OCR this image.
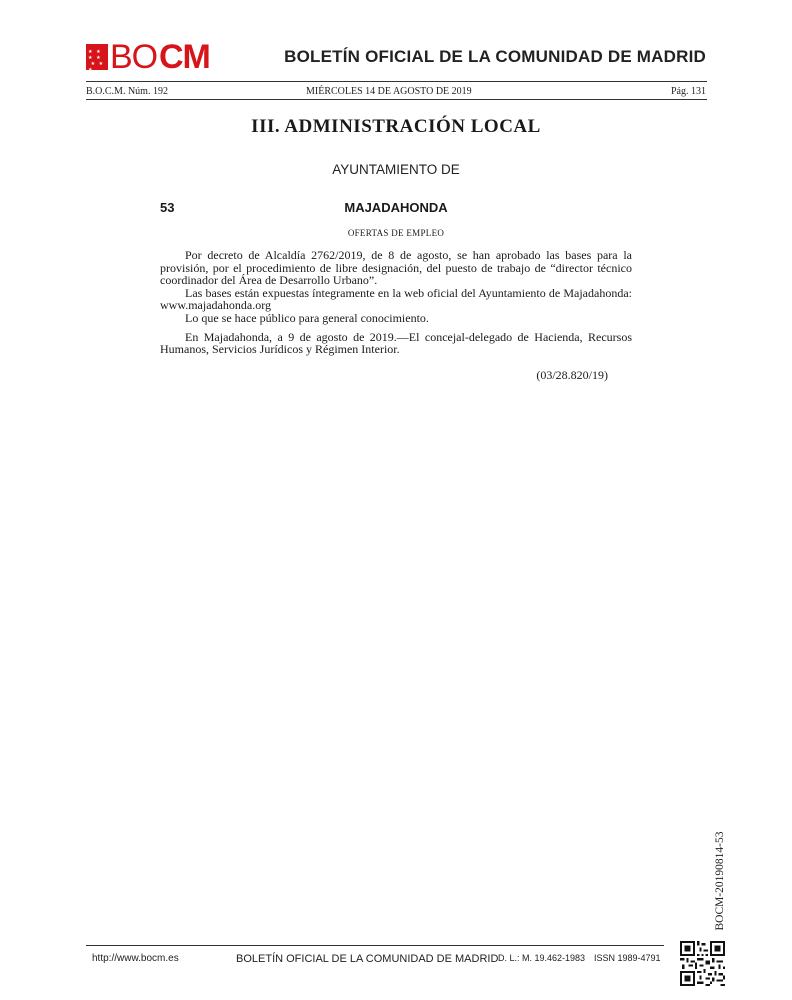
★ ★ ★ ★
★ ★ ★ BO CM	BOLETÍN OFICIAL DE LA COMUNIDAD DE MADRID
B.O.C.M. Núm. 192	MIÉRCOLES 14 DE AGOSTO DE 2019	Pág. 131
III. ADMINISTRACIÓN LOCAL
AYUNTAMIENTO DE
53	MAJADAHONDA
OFERTAS DE EMPLEO

Por decreto de Alcaldía 2762/2019, de 8 de agosto, se han aprobado las bases para la provisión, por el procedimiento de libre designación, del puesto de trabajo de “director técnico coordinador del Área de Desarrollo Urbano”.

Las bases están expuestas íntegramente en la web oficial del Ayuntamiento de Majadahonda: www.majadahonda.org

Lo que se hace público para general conocimiento.

En Majadahonda, a 9 de agosto de 2019.—El concejal-delegado de Hacienda, Recursos Humanos, Servicios Jurídicos y Régimen Interior.

(03/28.820/19)
BOCM-20190814-53
http://www.bocm.es	BOLETÍN OFICIAL DE LA COMUNIDAD DE MADRID D. L.: M. 19.462-1983 ISSN 1989-4791
